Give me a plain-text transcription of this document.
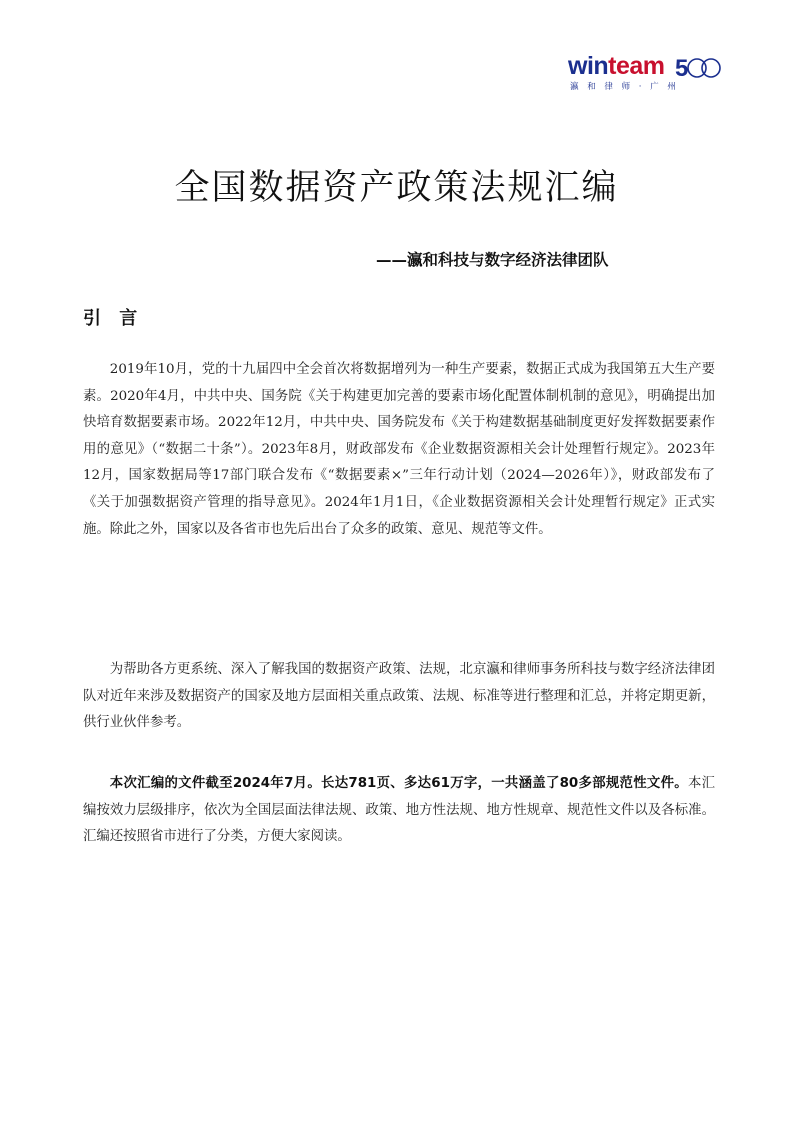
winteam 5
瀛 和 律 师 · 广 州
全国数据资产政策法规汇编
——瀛和科技与数字经济法律团队
引 言

2019年10月，党的十九届四中全会首次将数据增列为一种生产要素，数据正式成为我国第五大生产要素。2020年4月，中共中央、国务院《关于构建更加完善的要素市场化配置体制机制的意见》，明确提出加快培育数据要素市场。2022年12月，中共中央、国务院发布《关于构建数据基础制度更好发挥数据要素作用的意见》（“数据二十条”）。2023年8月，财政部发布《企业数据资源相关会计处理暂行规定》。2023年12月，国家数据局等17部门联合发布《“数据要素×”三年行动计划（2024—2026年）》，财政部发布了《关于加强数据资产管理的指导意见》。2024年1月1日，《企业数据资源相关会计处理暂行规定》正式实施。除此之外，国家以及各省市也先后出台了众多的政策、意见、规范等文件。

为帮助各方更系统、深入了解我国的数据资产政策、法规，北京瀛和律师事务所科技与数字经济法律团队对近年来涉及数据资产的国家及地方层面相关重点政策、法规、标准等进行整理和汇总，并将定期更新，供行业伙伴参考。

本次汇编的文件截至2024年7月。长达781页、多达61万字，一共涵盖了80多部规范性文件。本汇编按效力层级排序，依次为全国层面法律法规、政策、地方性法规、地方性规章、规范性文件以及各标准。汇编还按照省市进行了分类，方便大家阅读。
